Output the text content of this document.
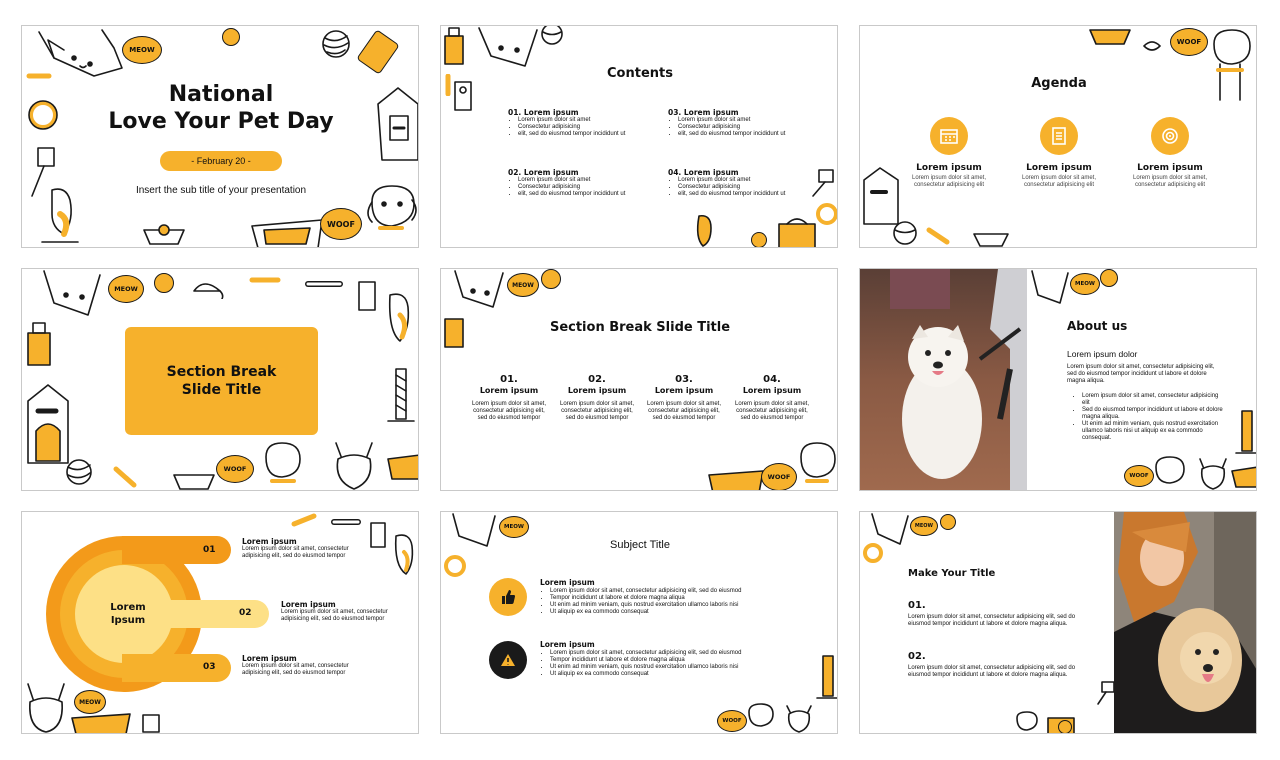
MEOW
WOOF
National
Love Your Pet Day
- February 20 -
Insert the sub title of your presentation
Contents
01. Lorem ipsum
• Lorem ipsum dolor sit amet
• Consectetur adipisicing
• elit, sed do eiusmod tempor incididunt ut
03. Lorem ipsum
• Lorem ipsum dolor sit amet
• Consectetur adipisicing
• elit, sed do eiusmod tempor incididunt ut
02. Lorem ipsum
• Lorem ipsum dolor sit amet
• Consectetur adipisicing
• elit, sed do eiusmod tempor incididunt ut
04. Lorem ipsum
• Lorem ipsum dolor sit amet
• Consectetur adipisicing
• elit, sed do eiusmod tempor incididunt ut
WOOF
Agenda
Lorem ipsum
Lorem ipsum dolor sit amet, consectetur adipisicing elit
Lorem ipsum
Lorem ipsum dolor sit amet, consectetur adipisicing elit
Lorem ipsum
Lorem ipsum dolor sit amet, consectetur adipisicing elit
MEOW
WOOF
Section Break Slide Title
MEOW
WOOF
Section Break Slide Title
01.
Lorem ipsum
Lorem ipsum dolor sit amet, consectetur adipisicing elit, sed do eiusmod tempor
02.
Lorem ipsum
Lorem ipsum dolor sit amet, consectetur adipisicing elit, sed do eiusmod tempor
03.
Lorem ipsum
Lorem ipsum dolor sit amet, consectetur adipisicing elit, sed do eiusmod tempor
04.
Lorem ipsum
Lorem ipsum dolor sit amet, consectetur adipisicing elit, sed do eiusmod tempor
MEOW
WOOF
About us
Lorem ipsum dolor
Lorem ipsum dolor sit amet, consectetur adipisicing elit, sed do eiusmod tempor incididunt ut labore et dolore magna aliqua.
• Lorem ipsum dolor sit amet, consectetur adipisicing elit
• Sed do eiusmod tempor incididunt ut labore et dolore magna aliqua.
• Ut enim ad minim veniam, quis nostrud exercitation ullamco laboris nisi ut aliquip ex ea commodo consequat.
01
02
03
Lorem Ipsum
Lorem ipsum
Lorem ipsum dolor sit amet, consectetur adipisicing elit, sed do eiusmod tempor
Lorem ipsum
Lorem ipsum dolor sit amet, consectetur adipisicing elit, sed do eiusmod tempor
Lorem ipsum
Lorem ipsum dolor sit amet, consectetur adipisicing elit, sed do eiusmod tempor
MEOW
MEOW
WOOF
Subject Title
Lorem ipsum
• Lorem ipsum dolor sit amet, consectetur adipisicing elit, sed do eiusmod
• Tempor incididunt ut labore et dolore magna aliqua
• Ut enim ad minim veniam, quis nostrud exercitation ullamco laboris nisi
• Ut aliquip ex ea commodo consequat
Lorem ipsum
• Lorem ipsum dolor sit amet, consectetur adipisicing elit, sed do eiusmod
• Tempor incididunt ut labore et dolore magna aliqua
• Ut enim ad minim veniam, quis nostrud exercitation ullamco laboris nisi
• Ut aliquip ex ea commodo consequat
MEOW
Make Your Title
01.
Lorem ipsum dolor sit amet, consectetur adipisicing elit, sed do eiusmod tempor incididunt ut labore et dolore magna aliqua.
02.
Lorem ipsum dolor sit amet, consectetur adipisicing elit, sed do eiusmod tempor incididunt ut labore et dolore magna aliqua.
